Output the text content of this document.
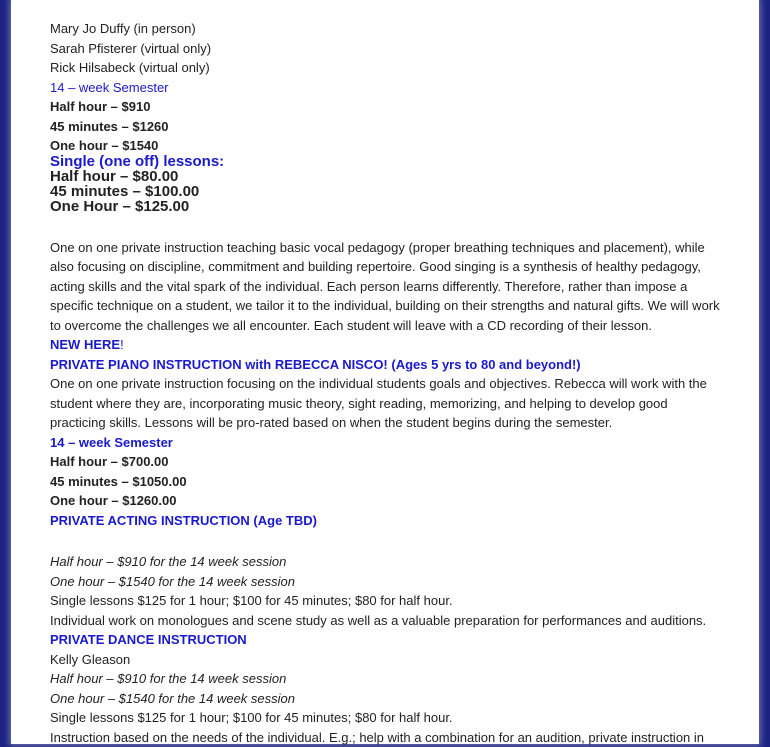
Mary Jo Duffy (in person)

Sarah Pfisterer (virtual only)

Rick Hilsabeck (virtual only)

14 – week Semester

Half hour – $910

45 minutes – $1260

One hour – $1540

Single (one off) lessons:

Half hour – $80.00

45 minutes – $100.00

One Hour – $125.00

One on one private instruction teaching basic vocal pedagogy (proper breathing techniques and placement), while also focusing on discipline, commitment and building repertoire. Good singing is a synthesis of healthy pedagogy, acting skills and the vital spark of the individual. Each person learns differently. Therefore, rather than impose a specific technique on a student, we tailor it to the individual, building on their strengths and natural gifts. We will work to overcome the challenges we all encounter. Each student will leave with a CD recording of their lesson.

NEW HERE!

PRIVATE PIANO INSTRUCTION with REBECCA NISCO! (Ages 5 yrs to 80 and beyond!)

One on one private instruction focusing on the individual students goals and objectives. Rebecca will work with the student where they are, incorporating music theory, sight reading, memorizing, and helping to develop good practicing skills. Lessons will be pro-rated based on when the student begins during the semester.

14 – week Semester

Half hour – $700.00

45 minutes – $1050.00

One hour – $1260.00

PRIVATE ACTING INSTRUCTION (Age TBD)

Half hour – $910 for the 14 week session

One hour – $1540 for the 14 week session

Single lessons $125 for 1 hour; $100 for 45 minutes; $80 for half hour.

Individual work on monologues and scene study as well as a valuable preparation for performances and auditions.

PRIVATE DANCE INSTRUCTION

Kelly Gleason

Half hour – $910 for the 14 week session

One hour – $1540 for the 14 week session

Single lessons $125 for 1 hour; $100 for 45 minutes; $80 for half hour.

Instruction based on the needs of the individual. E.g.; help with a combination for an audition, private instruction in
